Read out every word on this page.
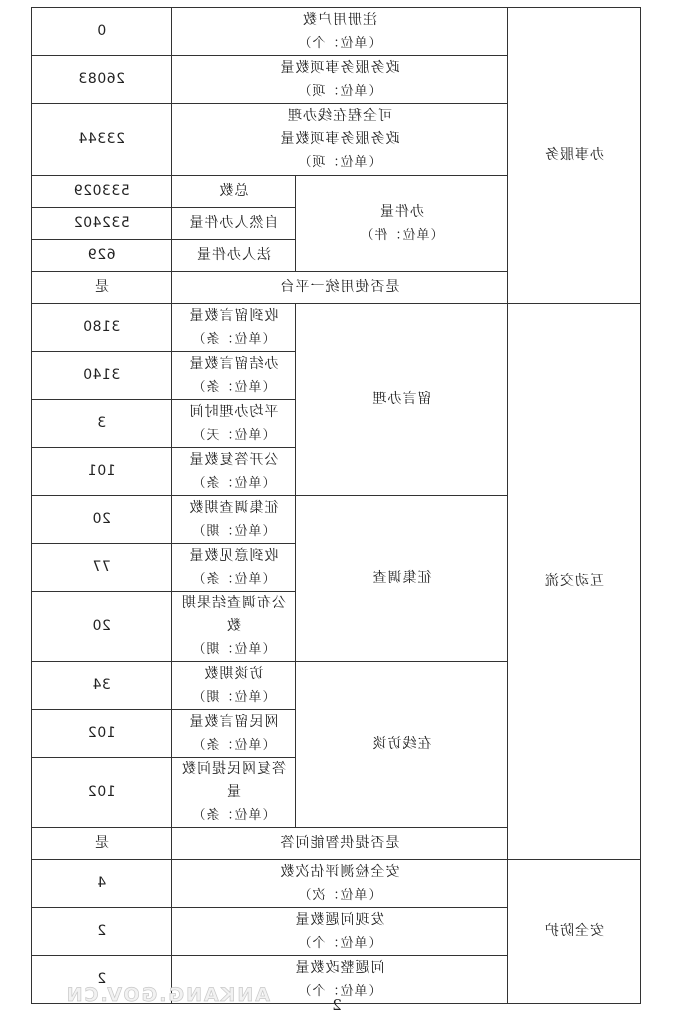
办事服务	注册用户数
（单位：个）		0

	政务服务事项数量
（单位：项）		26083

	可全程在线办理
政务服务事项数量
（单位：项）		23344

	办件量
（单位：件）	总数	533029

		自然人办件量	532402

		法人办件量	629

	是否使用统一平台		是

互动交流	留言办理	收到留言数量
（单位：条）	3180

		办结留言数量
（单位：条）	3140

		平均办理时间
（单位：天）	3

		公开答复数量
（单位：条）	101

	征集调查	征集调查期数
（单位：期）	20

		收到意见数量
（单位：条）	77

		公布调查结果期数
（单位：期）	20

	在线访谈	访谈期数
（单位：期）	34

		网民留言数量
（单位：条）	102

		答复网民提问数量
（单位：条）	102

	是否提供智能问答		是

安全防护	安全检测评估次数
（单位：次）		4

	发现问题数量
（单位：个）		2

	问题整改数量
（单位：个）		2
2
ANKANG.GOV.CN
